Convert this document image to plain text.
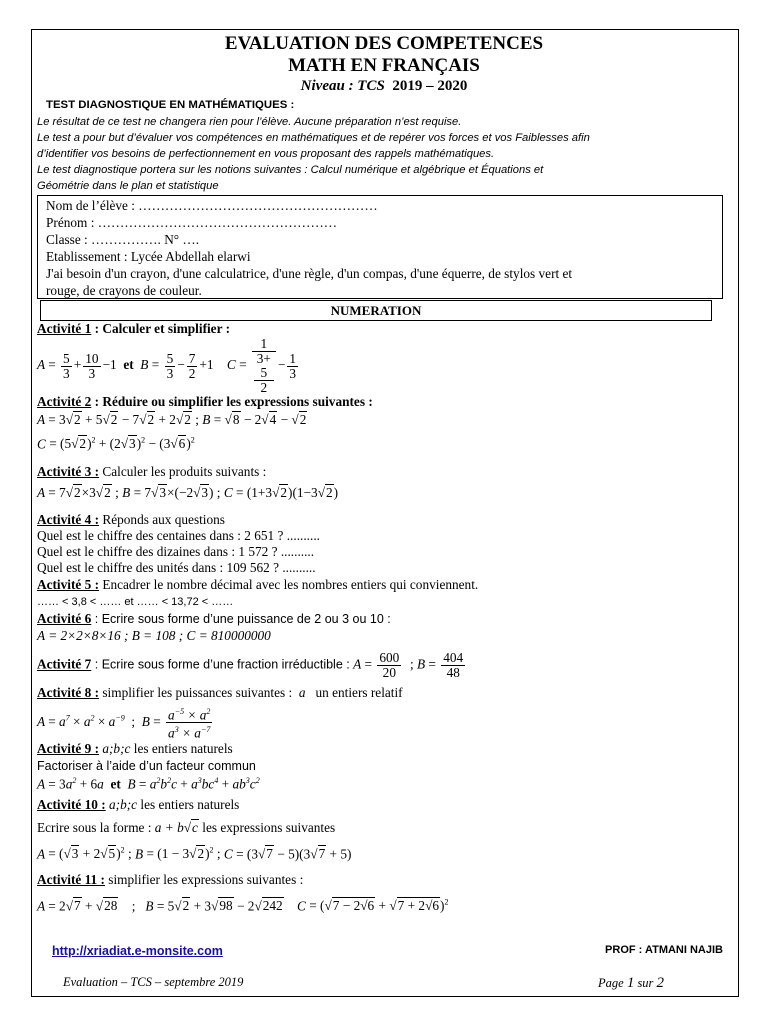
EVALUATION DES COMPETENCES
MATH EN FRANÇAIS
Niveau : TCS 2019 – 2020
TEST DIAGNOSTIQUE EN MATHÉMATIQUES :
Le résultat de ce test ne changera rien pour l’élève. Aucune préparation n’est requise.
Le test a pour but d’évaluer vos compétences en mathématiques et de repérer vos forces et vos Faiblesses afin
d’identifier vos besoins de perfectionnement en vous proposant des rappels mathématiques.
Le test diagnostique portera sur les notions suivantes : Calcul numérique et algébrique et Équations et
Géométrie dans le plan et statistique
Nom de l’élève : ………………………………………………
Prénom : ………………………………………………
Classe : ……………. N° ….
Etablissement : Lycée Abdellah elarwi
J'ai besoin d'un crayon, d'une calculatrice, d'une règle, d'un compas, d'une équerre, de stylos vert et
rouge, de crayons de couleur.
NUMERATION
Activité 1 : Calculer et simplifier :
$A = \frac{5}{3} + \frac{10}{3} -1$ et  $B = \frac{5}{3} - \frac{7}{2} +1$    C = 1
3+
5
$2 - \frac{1}{3}$
Activité 2 : Réduire ou simplifier les expressions suivantes :
A = 3√2 + 5√2 − 7√2 + 2√2 ; B = √8 − 2√4 − √2
$C = (5√2)^2 + (2√3)^2 - (3√6)^2$
Activité 3 : Calculer les produits suivants :
A = 7√2×3√2 ; B = 7√3×(−2√3) ; C = (1+3√2)(1−3√2)
Activité 4 : Réponds aux questions
Quel est le chiffre des centaines dans : 2 651 ? ..........
Quel est le chiffre des dizaines dans : 1 572 ? ..........
Quel est le chiffre des unités dans : 109 562 ? ..........
Activité 5 : Encadrer le nombre décimal avec les nombres entiers qui conviennent.
…… < 3,8 < …… et …… < 13,72 < ……
Activité 6 : Ecrire sous forme d’une puissance de 2 ou 3 ou 10 :
A = 2×2×8×16 ; B = 108 ; C = 810000000
Activité 7 : Ecrire sous forme d’une fraction irréductible : $A = \frac{600}{20}$ ; $B = \frac{404}{48}$
Activité 8 : simplifier les puissances suivantes : a   un entiers relatif
$A = a^7 \times a^2 \times a^{-9}$ ;  $B = \frac{a^{-5} \times a^2}{a^3 \times a^{-7}}$
Activité 9 : a;b;c les entiers naturels
Factoriser à l’aide d’un facteur commun
$A = 3a^2 + 6a$  et  $B = a^2b^2c + a^3bc^4 + ab^3c^2$
Activité 10 : a;b;c les entiers naturels
Ecrire sous la forme : a + b√c les expressions suivantes
$A = (√3 + 2√5)^2$ ; $B = (1 - 3√2)^2$ ; C = (3√7 − 5)(3√7 + 5)
Activité 11 : simplifier les expressions suivantes :
A = 2√7 + √28    ;   B = 5√2 + 3√98 − 2√242    $C = (√7 - 2√6 + √7 + 2√6)^2$
http://xriadiat.e-monsite.com	PROF : ATMANI NAJIB
Evaluation – TCS – septembre 2019	Page 1 sur 2
